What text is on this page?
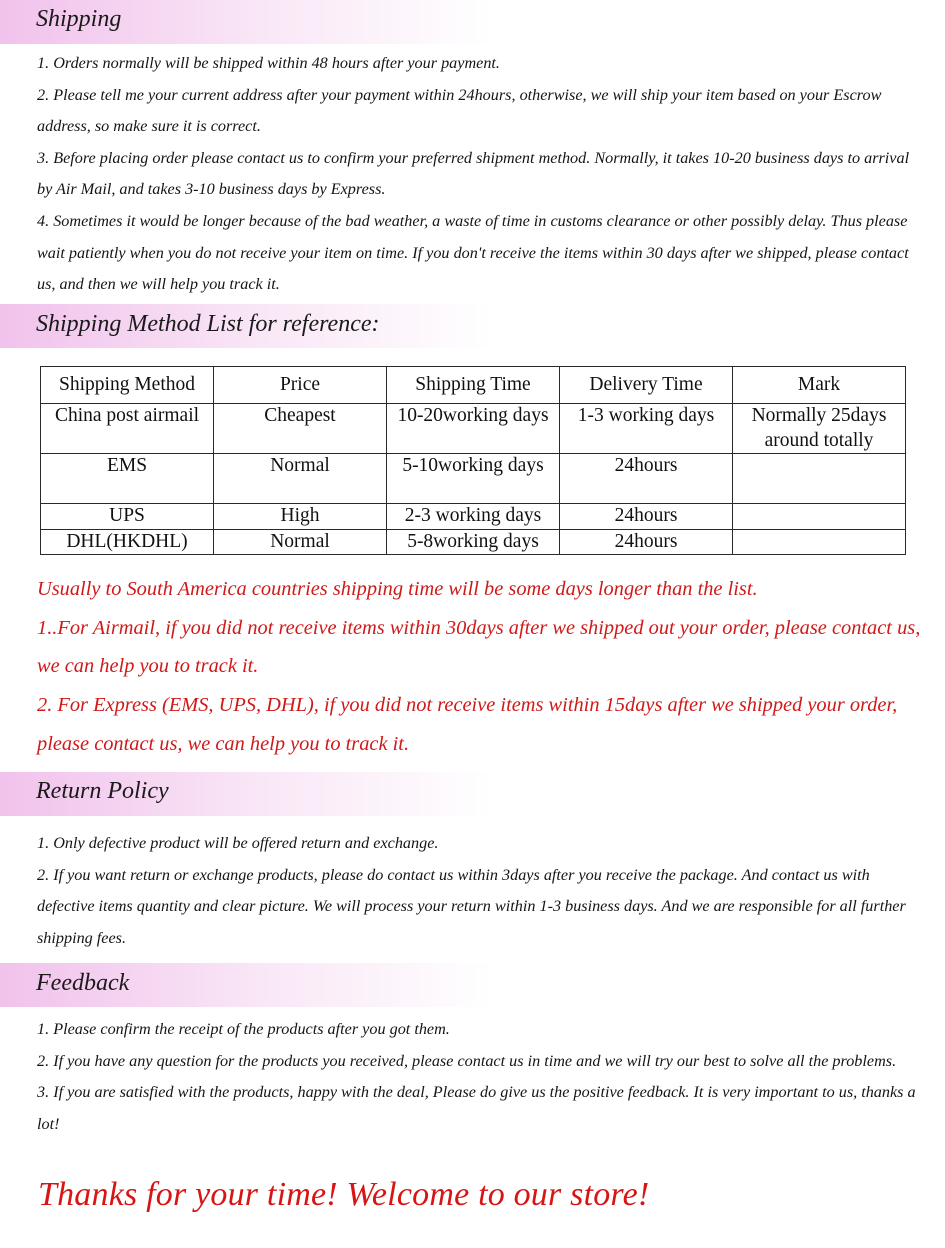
Shipping

1. Orders normally will be shipped within 48 hours after your payment.

2. Please tell me your current address after your payment within 24hours, otherwise, we will ship your item based on your Escrow address, so make sure it is correct.

3. Before placing order please contact us to confirm your preferred shipment method. Normally, it takes 10-20 business days to arrival by Air Mail, and takes 3-10 business days by Express.

4. Sometimes it would be longer because of the bad weather, a waste of time in customs clearance or other possibly delay. Thus please wait patiently when you do not receive your item on time. If you don't receive the items within 30 days after we shipped, please contact us, and then we will help you track it.

Shipping Method List for reference:
Shipping Method	Price	Shipping Time	Delivery Time	Mark
China post airmail	Cheapest	10-20working days	1-3 working days	Normally 25days around totally
EMS	Normal	5-10working days	24hours	
UPS	High	2-3 working days	24hours	
DHL(HKDHL)	Normal	5-8working days	24hours	

Usually to South America countries shipping time will be some days longer than the list.

1..For Airmail, if you did not receive items within 30days after we shipped out your order, please contact us, we can help you to track it.

2. For Express (EMS, UPS, DHL), if you did not receive items within 15days after we shipped your order, please contact us, we can help you to track it.

Return Policy

1. Only defective product will be offered return and exchange.

2. If you want return or exchange products, please do contact us within 3days after you receive the package. And contact us with defective items quantity and clear picture. We will process your return within 1-3 business days. And we are responsible for all further shipping fees.

Feedback

1. Please confirm the receipt of the products after you got them.

2. If you have any question for the products you received, please contact us in time and we will try our best to solve all the problems.

3. If you are satisfied with the products, happy with the deal, Please do give us the positive feedback. It is very important to us, thanks a lot!

Thanks for your time! Welcome to our store!
